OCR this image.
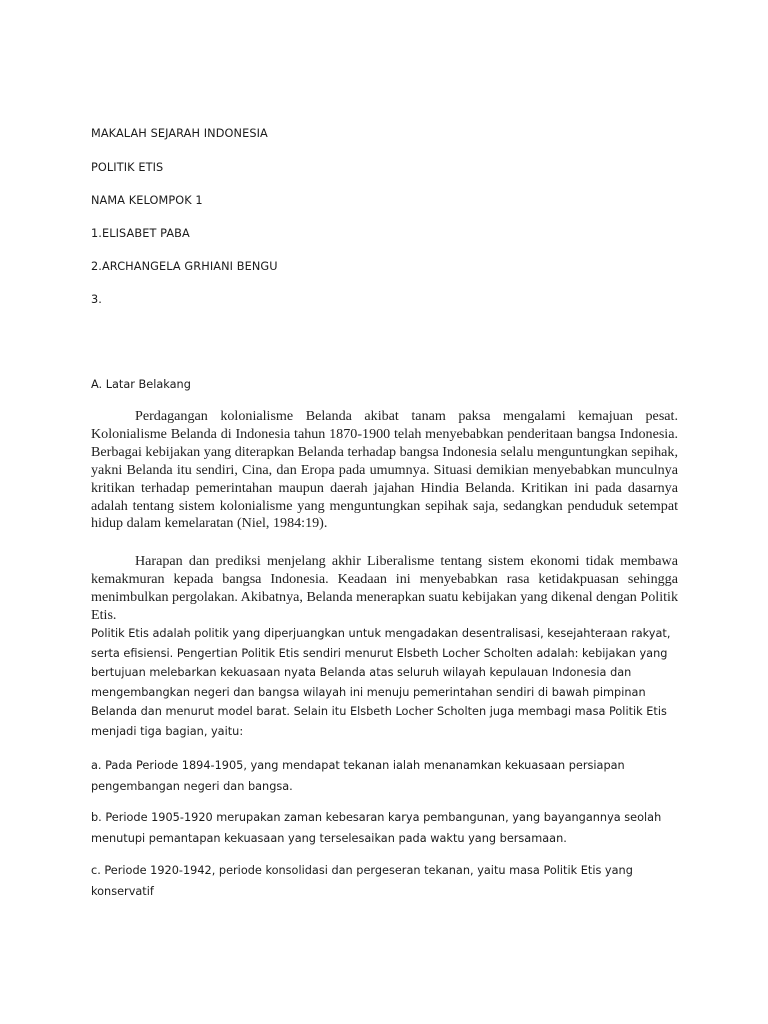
MAKALAH SEJARAH INDONESIA

POLITIK ETIS

NAMA KELOMPOK 1

1.ELISABET PABA

2.ARCHANGELA GRHIANI BENGU

3.

A. Latar Belakang

Perdagangan kolonialisme Belanda akibat tanam paksa mengalami kemajuan pesat. Kolonialisme Belanda di Indonesia tahun 1870-1900 telah menyebabkan penderitaan bangsa Indonesia. Berbagai kebijakan yang diterapkan Belanda terhadap bangsa Indonesia selalu menguntungkan sepihak, yakni Belanda itu sendiri, Cina, dan Eropa pada umumnya. Situasi demikian menyebabkan munculnya kritikan terhadap pemerintahan maupun daerah jajahan Hindia Belanda. Kritikan ini pada dasarnya adalah tentang sistem kolonialisme yang menguntungkan sepihak saja, sedangkan penduduk setempat hidup dalam kemelaratan (Niel, 1984:19).

Harapan dan prediksi menjelang akhir Liberalisme tentang sistem ekonomi tidak membawa kemakmuran kepada bangsa Indonesia. Keadaan ini menyebabkan rasa ketidakpuasan sehingga menimbulkan pergolakan. Akibatnya, Belanda menerapkan suatu kebijakan yang dikenal dengan Politik Etis.

Politik Etis adalah politik yang diperjuangkan untuk mengadakan desentralisasi, kesejahteraan rakyat, serta efisiensi. Pengertian Politik Etis sendiri menurut Elsbeth Locher Scholten adalah: kebijakan yang bertujuan melebarkan kekuasaan nyata Belanda atas seluruh wilayah kepulauan Indonesia dan mengembangkan negeri dan bangsa wilayah ini menuju pemerintahan sendiri di bawah pimpinan Belanda dan menurut model barat. Selain itu Elsbeth Locher Scholten juga membagi masa Politik Etis menjadi tiga bagian, yaitu:

a. Pada Periode 1894-1905, yang mendapat tekanan ialah menanamkan kekuasaan persiapan pengembangan negeri dan bangsa.

b. Periode 1905-1920 merupakan zaman kebesaran karya pembangunan, yang bayangannya seolah menutupi pemantapan kekuasaan yang terselesaikan pada waktu yang bersamaan.

c. Periode 1920-1942, periode konsolidasi dan pergeseran tekanan, yaitu masa Politik Etis yang konservatif
